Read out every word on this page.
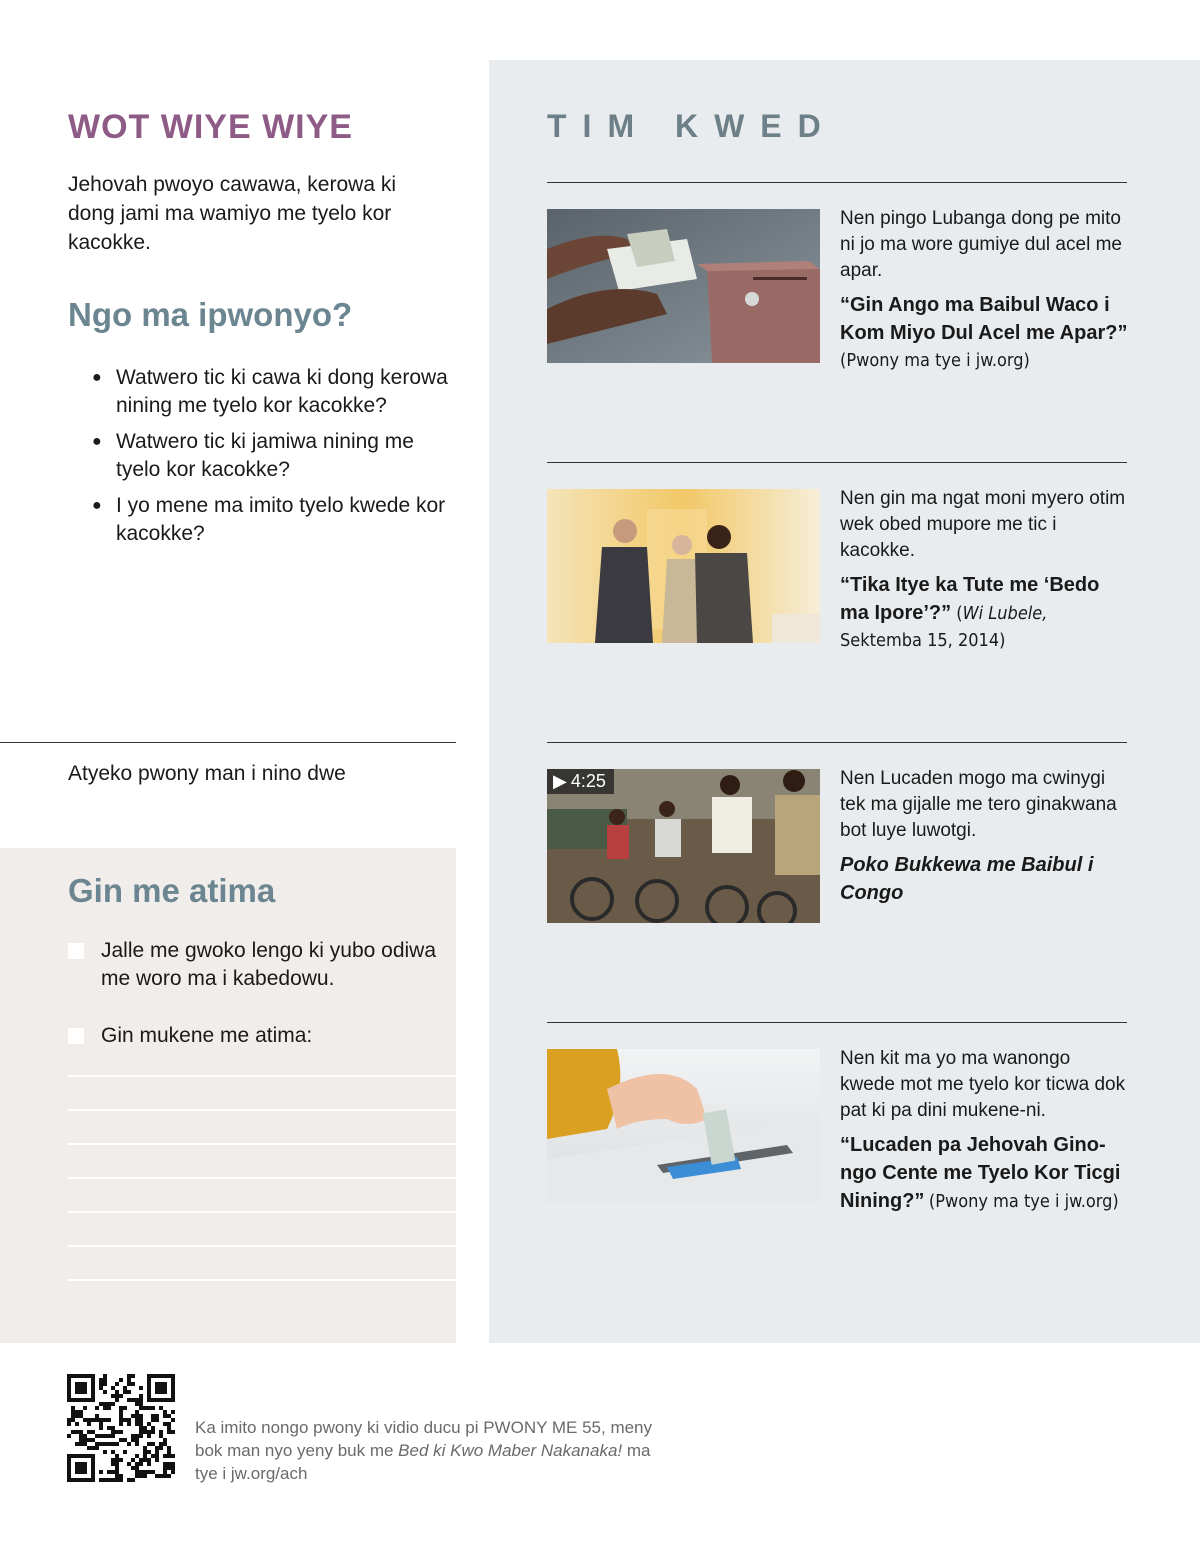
WOT WIYE WIYE

Jehovah pwoyo cawawa, kerowa ki dong jami ma wamiyo me tyelo kor kacokke.

Ngo ma ipwonyo?
● Watwero tic ki cawa ki dong kerowa nining me tyelo kor kacokke?
● Watwero tic ki jamiwa nining me tyelo kor kacokke?
● I yo mene ma imito tyelo kwede kor kacokke?

Atyeko pwony man i nino dwe

Gin me atima
Jalle me gwoko lengo ki yubo odiwa me woro ma i kabedowu.
Gin mukene me atima:
TIM KWED

Nen pingo Lubanga dong pe mito ni jo ma wore gumiye dul acel me apar.

“Gin Ango ma Baibul Waco i Kom Miyo Dul Acel me Apar?” (Pwony ma tye i jw.org)

Nen gin ma ngat moni myero otim wek obed mupore me tic i kacokke.

“Tika Itye ka Tute me ‘Bedo ma Ipore’?” (Wi Lubele, Sektemba 15, 2014)

▶ 4:25	Nen Lucaden mogo ma cwinygi tek ma gijalle me tero ginakwana bot luye luwotgi.

Poko Bukkewa me Baibul i Congo

Nen kit ma yo ma wanongo kwede mot me tyelo kor ticwa dok pat ki pa dini mukene-ni.

“Lucaden pa Jehovah Ginongo Cente me Tyelo Kor Ticgi Nining?” (Pwony ma tye i jw.org)

Ka imito nongo pwony ki vidio ducu pi PWONY ME 55, meny bok man nyo yeny buk me Bed ki Kwo Maber Nakanaka! ma tye i jw.org/ach
